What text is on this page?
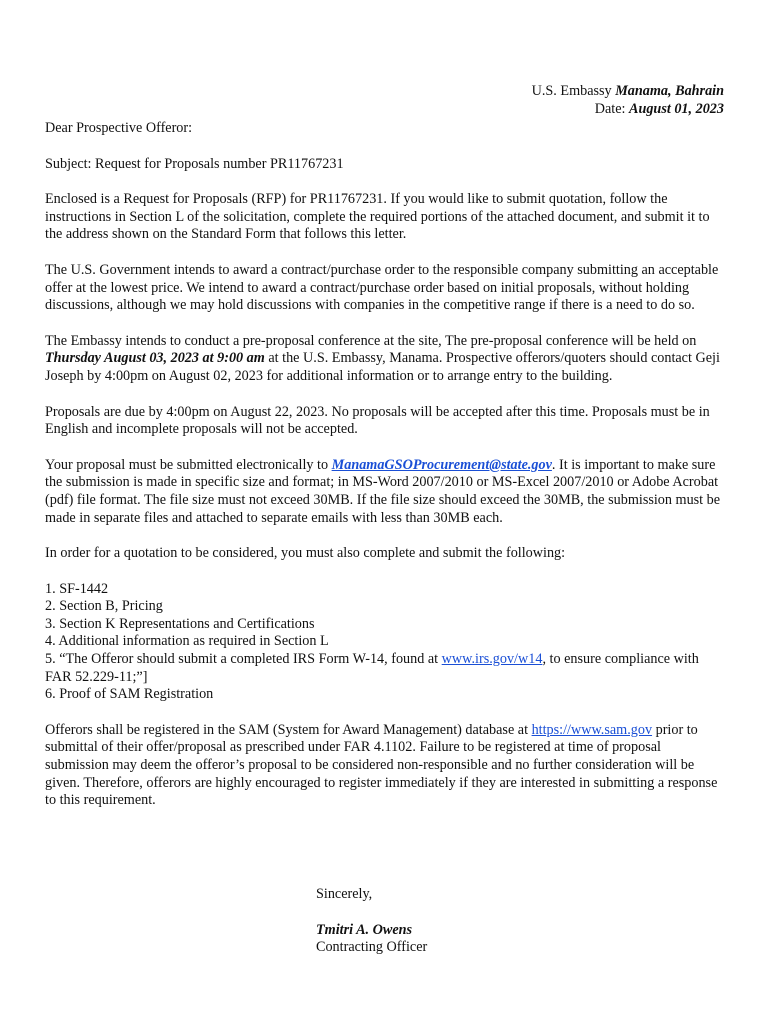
U.S. Embassy Manama, Bahrain
Date: August 01, 2023

Dear Prospective Offeror:

Subject: Request for Proposals number PR11767231

Enclosed is a Request for Proposals (RFP) for PR11767231. If you would like to submit quotation, follow the instructions in Section L of the solicitation, complete the required portions of the attached document, and submit it to the address shown on the Standard Form that follows this letter.

The U.S. Government intends to award a contract/purchase order to the responsible company submitting an acceptable offer at the lowest price. We intend to award a contract/purchase order based on initial proposals, without holding discussions, although we may hold discussions with companies in the competitive range if there is a need to do so.

The Embassy intends to conduct a pre-proposal conference at the site, The pre-proposal conference will be held on Thursday August 03, 2023 at 9:00 am at the U.S. Embassy, Manama. Prospective offerors/quoters should contact Geji Joseph by 4:00pm on August 02, 2023 for additional information or to arrange entry to the building.

Proposals are due by 4:00pm on August 22, 2023. No proposals will be accepted after this time. Proposals must be in English and incomplete proposals will not be accepted.

Your proposal must be submitted electronically to ManamaGSOProcurement@state.gov. It is important to make sure the submission is made in specific size and format; in MS-Word 2007/2010 or MS-Excel 2007/2010 or Adobe Acrobat (pdf) file format. The file size must not exceed 30MB. If the file size should exceed the 30MB, the submission must be made in separate files and attached to separate emails with less than 30MB each.

In order for a quotation to be considered, you must also complete and submit the following:

1. SF-1442

2. Section B, Pricing

3. Section K Representations and Certifications

4. Additional information as required in Section L

5. “The Offeror should submit a completed IRS Form W-14, found at www.irs.gov/w14, to ensure compliance with FAR 52.229-11;”]

6. Proof of SAM Registration

Offerors shall be registered in the SAM (System for Award Management) database at https://www.sam.gov prior to submittal of their offer/proposal as prescribed under FAR 4.1102. Failure to be registered at time of proposal submission may deem the offeror’s proposal to be considered non-responsible and no further consideration will be given. Therefore, offerors are highly encouraged to register immediately if they are interested in submitting a response to this requirement.

Sincerely,

Tmitri A. Owens
Contracting Officer
